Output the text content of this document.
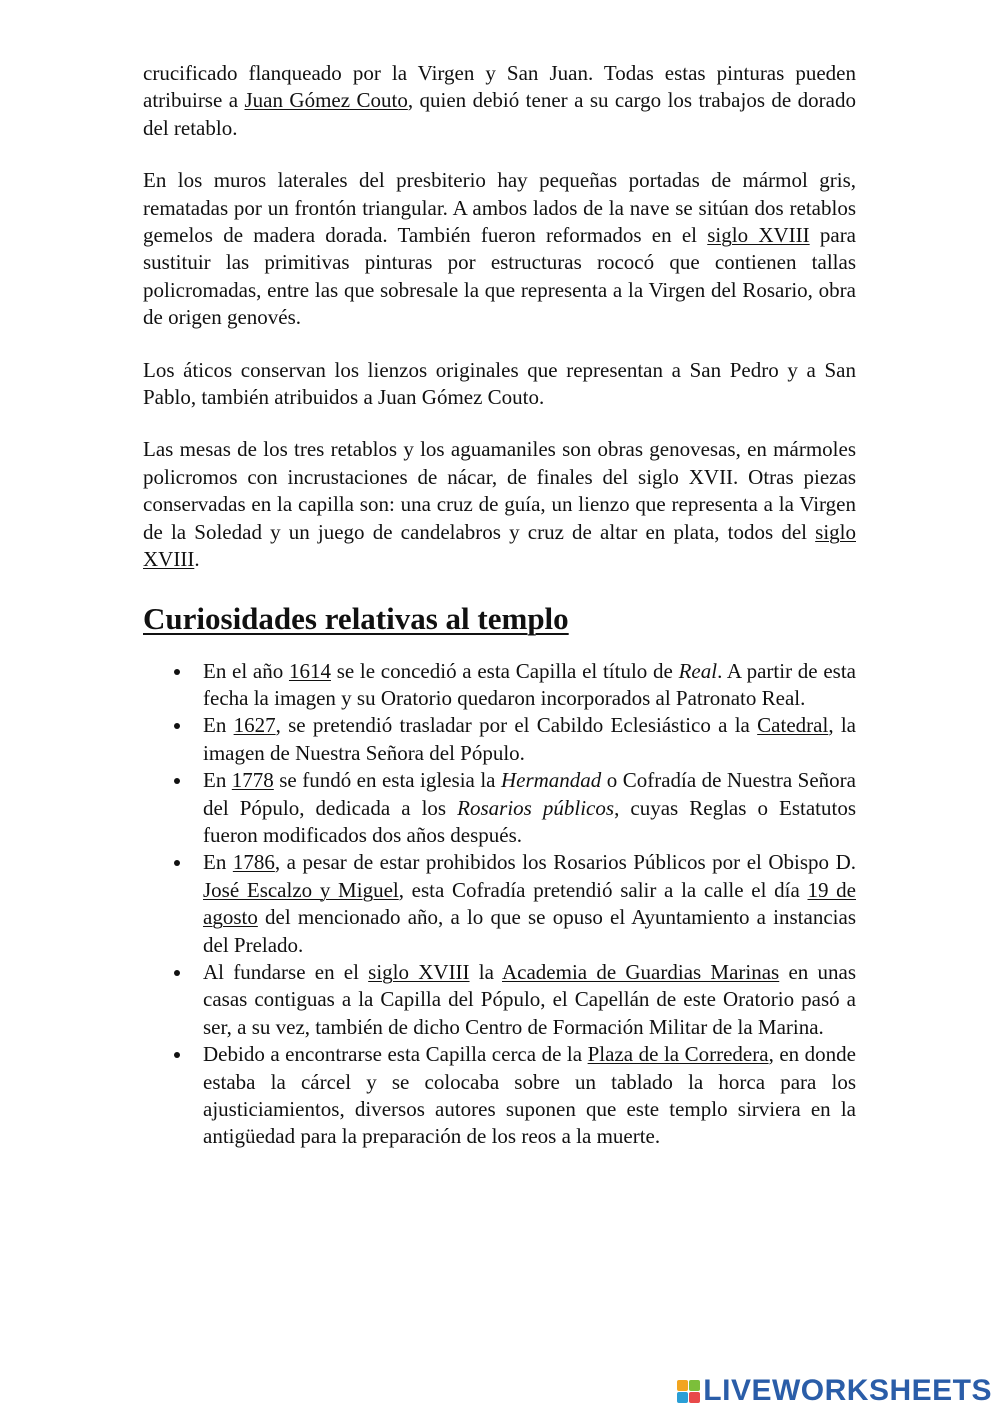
crucificado flanqueado por la Virgen y San Juan. Todas estas pinturas pueden atribuirse a Juan Gómez Couto, quien debió tener a su cargo los trabajos de dorado del retablo.

En los muros laterales del presbiterio hay pequeñas portadas de mármol gris, rematadas por un frontón triangular. A ambos lados de la nave se sitúan dos retablos gemelos de madera dorada. También fueron reformados en el siglo XVIII para sustituir las primitivas pinturas por estructuras rococó que contienen tallas policromadas, entre las que sobresale la que representa a la Virgen del Rosario, obra de origen genovés.

Los áticos conservan los lienzos originales que representan a San Pedro y a San Pablo, también atribuidos a Juan Gómez Couto.

Las mesas de los tres retablos y los aguamaniles son obras genovesas, en mármoles policromos con incrustaciones de nácar, de finales del siglo XVII. Otras piezas conservadas en la capilla son: una cruz de guía, un lienzo que representa a la Virgen de la Soledad y un juego de candelabros y cruz de altar en plata, todos del siglo XVIII.

Curiosidades relativas al templo
En el año 1614 se le concedió a esta Capilla el título de Real. A partir de esta fecha la imagen y su Oratorio quedaron incorporados al Patronato Real.
En 1627, se pretendió trasladar por el Cabildo Eclesiástico a la Catedral, la imagen de Nuestra Señora del Pópulo.
En 1778 se fundó en esta iglesia la Hermandad o Cofradía de Nuestra Señora del Pópulo, dedicada a los Rosarios públicos, cuyas Reglas o Estatutos fueron modificados dos años después.
En 1786, a pesar de estar prohibidos los Rosarios Públicos por el Obispo D. José Escalzo y Miguel, esta Cofradía pretendió salir a la calle el día 19 de agosto del mencionado año, a lo que se opuso el Ayuntamiento a instancias del Prelado.
Al fundarse en el siglo XVIII la Academia de Guardias Marinas en unas casas contiguas a la Capilla del Pópulo, el Capellán de este Oratorio pasó a ser, a su vez, también de dicho Centro de Formación Militar de la Marina.
Debido a encontrarse esta Capilla cerca de la Plaza de la Corredera, en donde estaba la cárcel y se colocaba sobre un tablado la horca para los ajusticiamientos, diversos autores suponen que este templo sirviera en la antigüedad para la preparación de los reos a la muerte.
LIVEWORKSHEETS
